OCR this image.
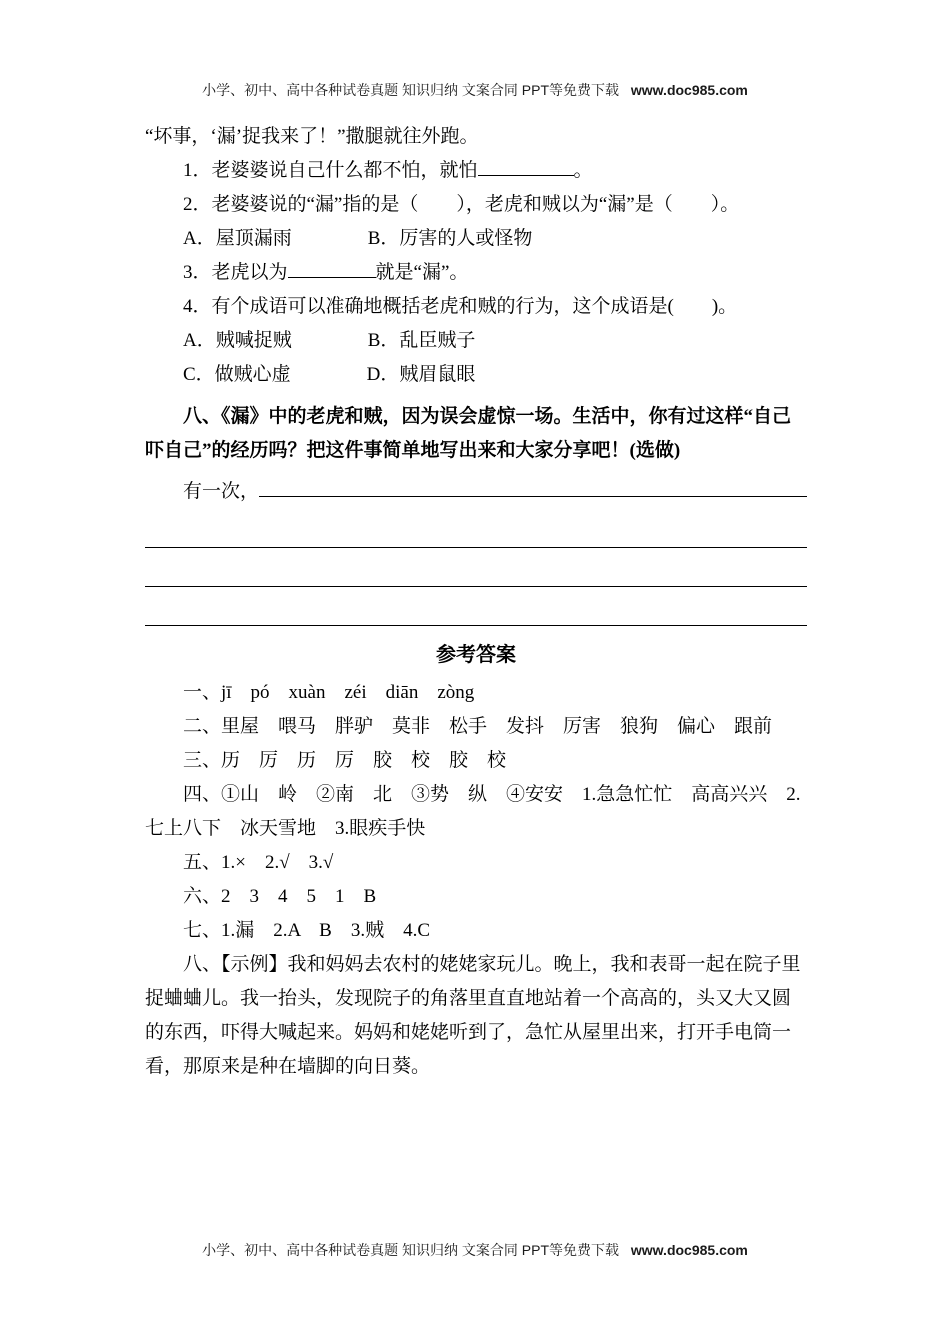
小学、初中、高中各种试卷真题 知识归纳 文案合同 PPT等免费下载 www.doc985.com
“坏事，‘漏’捉我来了！”撒腿就往外跑。
1．老婆婆说自己什么都不怕，就怕	。
2．老婆婆说的“漏”指的是（　　），老虎和贼以为“漏”是（　　）。
A．屋顶漏雨　　　　B．厉害的人或怪物
3．老虎以为	就是“漏”。
4．有个成语可以准确地概括老虎和贼的行为，这个成语是(　　)。
A．贼喊捉贼　　　　B．乱臣贼子
C．做贼心虚　　　　D．贼眉鼠眼
八、《漏》中的老虎和贼，因为误会虚惊一场。生活中，你有过这样“自己吓自己”的经历吗？把这件事简单地写出来和大家分享吧！(选做)
有一次，
参考答案
一、jī　pó　xuàn　zéi　diān　zòng
二、里屋　喂马　胖驴　莫非　松手　发抖　厉害　狼狗　偏心　跟前
三、历　厉　历　厉　胶　校　胶　校
四、①山　岭　②南　北　③势　纵　④安安　1.急急忙忙　高高兴兴　2.七上八下　冰天雪地　3.眼疾手快
五、1.×　2.√　3.√
六、2　3　4　5　1　B
七、1.漏　2.A　B　3.贼　4.C
八、【示例】我和妈妈去农村的姥姥家玩儿。晚上，我和表哥一起在院子里捉蛐蛐儿。我一抬头，发现院子的角落里直直地站着一个高高的，头又大又圆的东西，吓得大喊起来。妈妈和姥姥听到了，急忙从屋里出来，打开手电筒一看，那原来是种在墙脚的向日葵。
小学、初中、高中各种试卷真题 知识归纳 文案合同 PPT等免费下载 www.doc985.com
